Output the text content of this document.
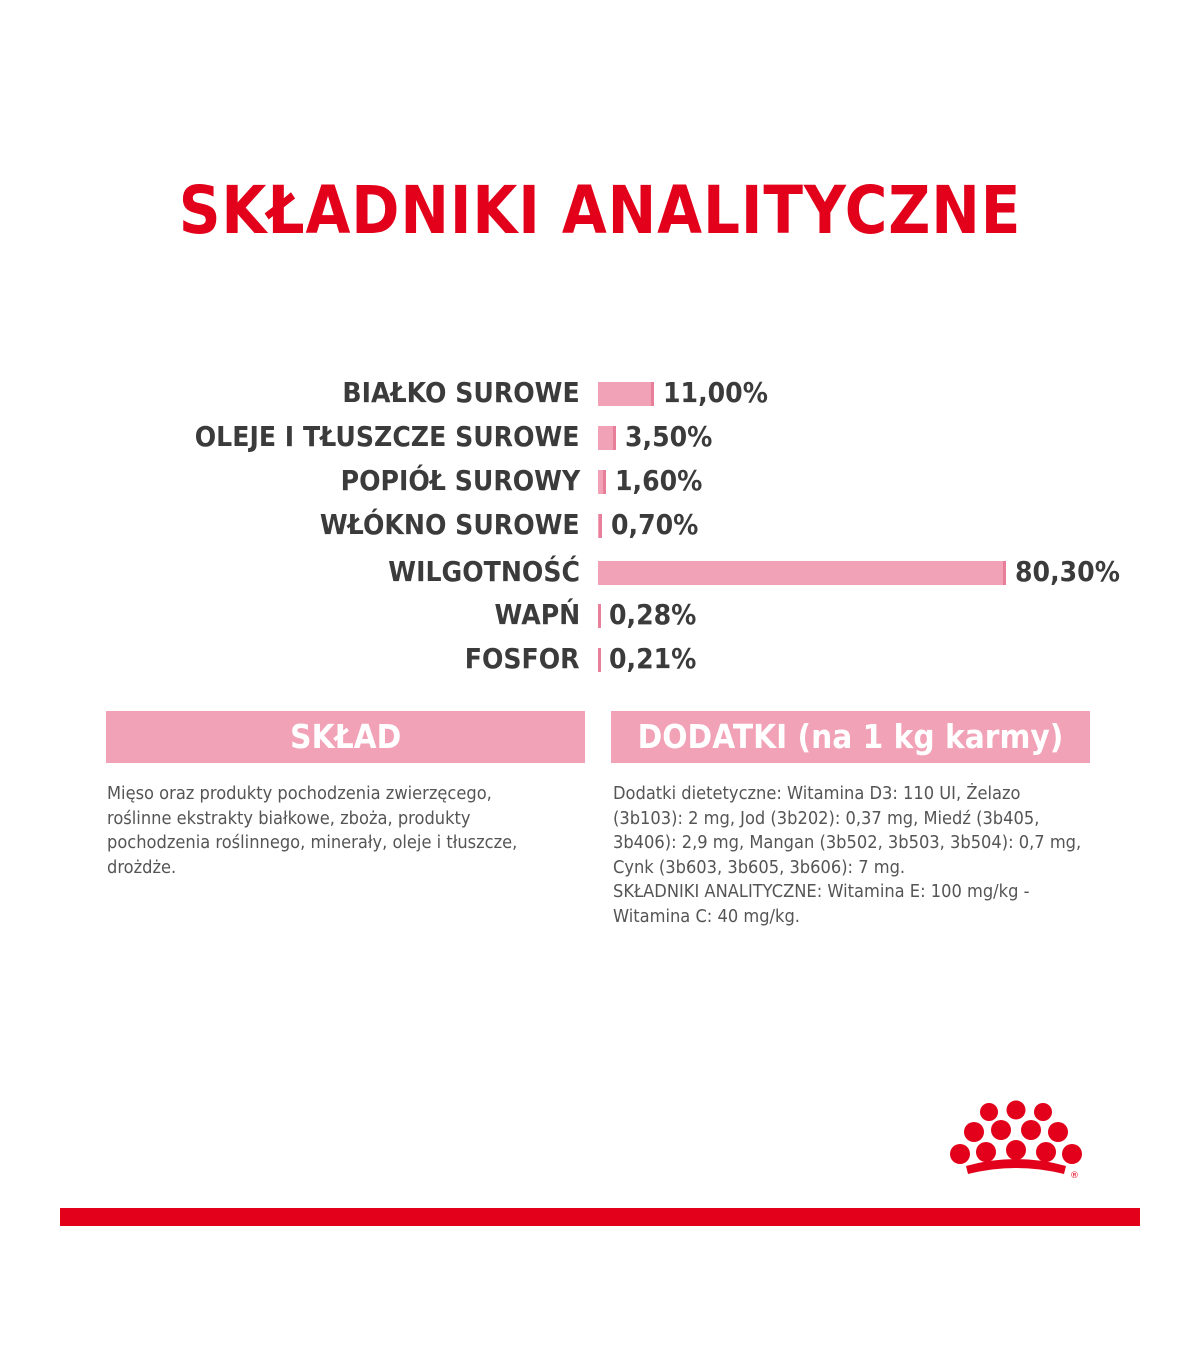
SKŁADNIKI ANALITYCZNE
BIAŁKO SUROWE	11,00%
OLEJE I TŁUSZCZE SUROWE 3,50%
POPIÓŁ SUROWY 1,60%
WŁÓKNO SUROWE 0,70%
WILGOTNOŚĆ	80,30%
WAPŃ 0,28%
FOSFOR 0,21%
SKŁAD	DODATKI (na 1 kg karmy)

Mięso oraz produkty pochodzenia zwierzęcego, roślinne ekstrakty białkowe, zboża, produkty pochodzenia roślinnego, minerały, oleje i tłuszcze, drożdże.

Dodatki dietetyczne: Witamina D3: 110 UI, Żelazo (3b103): 2 mg, Jod (3b202): 0,37 mg, Miedź (3b405, 3b406): 2,9 mg, Mangan (3b502, 3b503, 3b504): 0,7 mg, Cynk (3b603, 3b605, 3b606): 7 mg.

SKŁADNIKI ANALITYCZNE: Witamina E: 100 mg/kg - Witamina C: 40 mg/kg.

®
